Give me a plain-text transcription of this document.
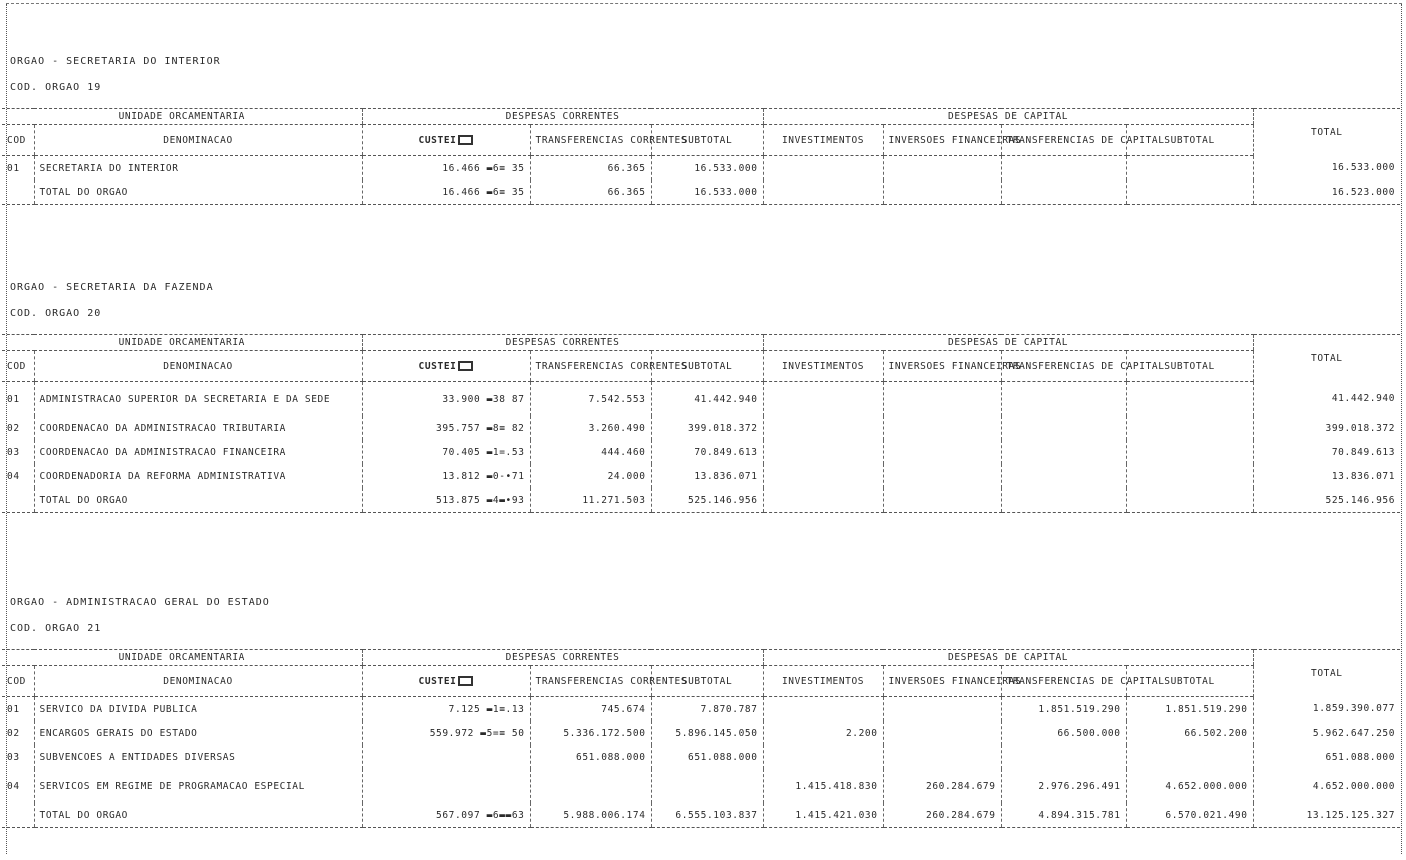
ORGAO - SECRETARIA DO INTERIOR
COD. ORGAO 19
UNIDADE ORCAMENTARIA		DESPESAS CORRENTES			DESPESAS DE CAPITAL				TOTAL
COD	DENOMINACAO	CUSTEI	TRANSFERENCIAS CORRENTES	SUBTOTAL	INVESTIMENTOS	INVERSOES FINANCEIRAS	TRANSFERENCIAS DE CAPITAL	SUBTOTAL	
01	SECRETARIA DO INTERIOR	16.466 ▬6≡ 35	66.365	16.533.000					16.533.000
	TOTAL DO ORGAO	16.466 ▬6≡ 35	66.365	16.533.000					16.523.000
ORGAO - SECRETARIA DA FAZENDA
COD. ORGAO 20
UNIDADE ORCAMENTARIA		DESPESAS CORRENTES			DESPESAS DE CAPITAL				TOTAL
COD	DENOMINACAO	CUSTEI	TRANSFERENCIAS CORRENTES	SUBTOTAL	INVESTIMENTOS	INVERSOES FINANCEIRAS	TRANSFERENCIAS DE CAPITAL	SUBTOTAL	
01	ADMINISTRACAO SUPERIOR DA SECRETARIA E DA SEDE	33.900 ▬38 87	7.542.553	41.442.940					41.442.940
02	COORDENACAO DA ADMINISTRACAO TRIBUTARIA	395.757 ▬8≡ 82	3.260.490	399.018.372					399.018.372
03	COORDENACAO DA ADMINISTRACAO FINANCEIRA	70.405 ▬1=.53	444.460	70.849.613					70.849.613
04	COORDENADORIA DA REFORMA ADMINISTRATIVA	13.812 ▬0‐•71	24.000	13.836.071					13.836.071
	TOTAL DO ORGAO	513.875 ▬4▬•93	11.271.503	525.146.956					525.146.956
ORGAO - ADMINISTRACAO GERAL DO ESTADO
COD. ORGAO 21
UNIDADE ORCAMENTARIA		DESPESAS CORRENTES			DESPESAS DE CAPITAL				TOTAL
COD	DENOMINACAO	CUSTEI	TRANSFERENCIAS CORRENTES	SUBTOTAL	INVESTIMENTOS	INVERSOES FINANCEIRAS	TRANSFERENCIAS DE CAPITAL	SUBTOTAL	
01	SERVICO DA DIVIDA PUBLICA	7.125 ▬1≡.13	745.674	7.870.787			1.851.519.290	1.851.519.290	1.859.390.077
02	ENCARGOS GERAIS DO ESTADO	559.972 ▬5=≡ 50	5.336.172.500	5.896.145.050	2.200		66.500.000	66.502.200	5.962.647.250
03	SUBVENCOES A ENTIDADES DIVERSAS		651.088.000	651.088.000					651.088.000
04	SERVICOS EM REGIME DE PROGRAMACAO ESPECIAL				1.415.418.830	260.284.679	2.976.296.491	4.652.000.000	4.652.000.000
	TOTAL DO ORGAO	567.097 ▬6▬▬63	5.988.006.174	6.555.103.837	1.415.421.030	260.284.679	4.894.315.781	6.570.021.490	13.125.125.327
